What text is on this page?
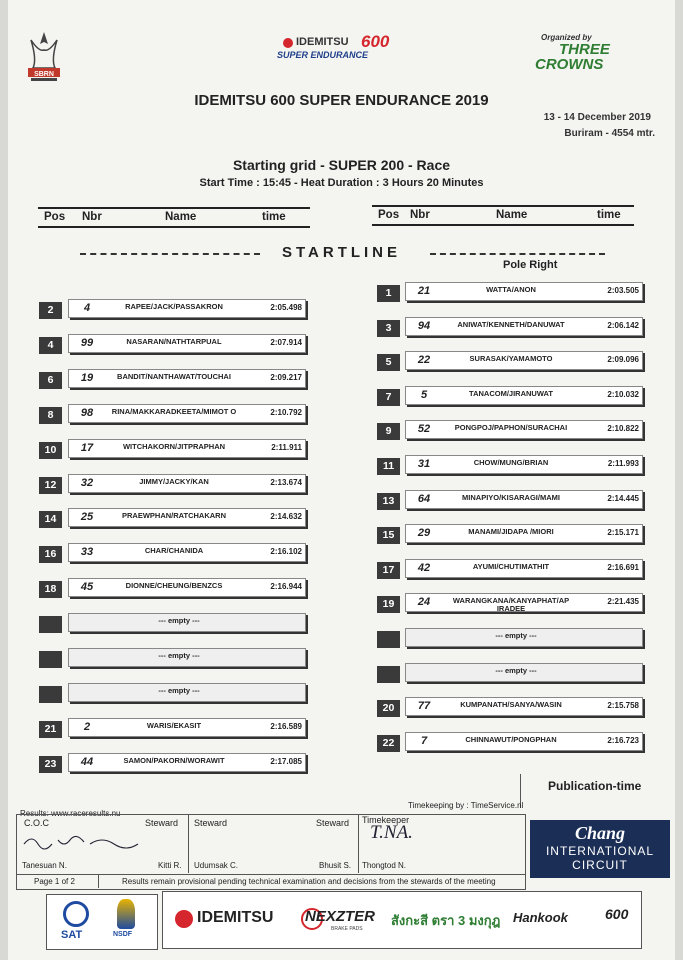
SBRN
IDEMITSU 600
SUPER ENDURANCE
Organized by
THREE
CROWNS
IDEMITSU 600 SUPER ENDURANCE 2019
13 - 14 December 2019
Buriram - 4554 mtr.
Starting grid - SUPER 200 - Race
Start Time : 15:45 - Heat Duration : 3 Hours 20 Minutes
Pos Nbr	Name	time	Pos Nbr	Name	time
STARTLINE
Pole Right
2	4	RAPEE/JACK/PASSAKRON	2:05.498
4	99	NASARAN/NATHTARPUAL	2:07.914
6	19	BANDIT/NANTHAWAT/TOUCHAI	2:09.217
8	98	RINA/MAKKARADKEETA/MIMOT O	2:10.792
10	17	WITCHAKORN/JITPRAPHAN	2:11.911
12	32	JIMMY/JACKY/KAN	2:13.674
14	25	PRAEWPHAN/RATCHAKARN	2:14.632
16	33	CHAR/CHANIDA	2:16.102
18	45	DIONNE/CHEUNG/BENZCS	2:16.944
--- empty ---
--- empty ---
--- empty ---
21	2	WARIS/EKASIT	2:16.589
23	44	SAMON/PAKORN/WORAWIT	2:17.085
1	21	WATTA/ANON	2:03.505
3	94	ANIWAT/KENNETH/DANUWAT	2:06.142
5	22	SURASAK/YAMAMOTO	2:09.096
7	5	TANACOM/JIRANUWAT	2:10.032
9	52	PONGPOJ/PAPHON/SURACHAI	2:10.822
11	31	CHOW/MUNG/BRIAN	2:11.993
13	64	MINAPIYO/KISARAGI/MAMI	2:14.445
15	29	MANAMI/JIDAPA /MIORI	2:15.171
17	42	AYUMI/CHUTIMATHIT	2:16.691
19	24	WARANGKANA/KANYAPHAT/AP IRADEE
2:21.435
--- empty ---
--- empty ---
20	77	KUMPANATH/SANYA/WASIN	2:15.758
22	7	CHINNAWUT/PONGPHAN	2:16.723
Publication-time
Results: www.raceresults.nu
Timekeeping by : TimeService.nl
C.O.C	Steward Steward	Steward Timekeeper
T.NA.
Tanesuan N.	Kitti R. Udumsak C.	Bhusit S. Thongtod N.
Page 1 of 2	Results remain provisional pending technical examination and decisions from the stewards of the meeting
Chang
INTERNATIONAL
CIRCUIT
SAT	NSDF
IDEMITSU NEXZTER
BRAKE PADS
สังกะสี ตรา 3 มงกุฎ Hankook	600
